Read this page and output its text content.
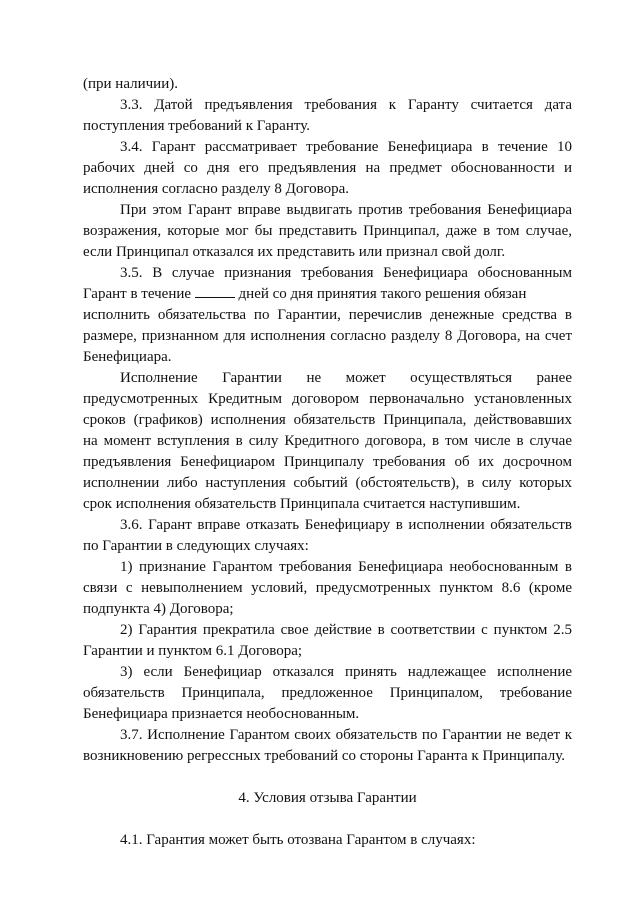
(при наличии).
3.3. Датой предъявления требования к Гаранту считается дата
поступления требований к Гаранту.
3.4. Гарант рассматривает требование Бенефициара в течение 10
рабочих дней со дня его предъявления на предмет обоснованности и
исполнения согласно разделу 8 Договора.
При этом Гарант вправе выдвигать против требования Бенефициара
возражения, которые мог бы представить Принципал, даже в том случае,
если Принципал отказался их представить или признал свой долг.
3.5. В случае признания требования Бенефициара обоснованным
Гарант в течение	дней со дня принятия такого решения обязан
исполнить обязательства по Гарантии, перечислив денежные средства в
размере, признанном для исполнения согласно разделу 8 Договора, на счет
Бенефициара.
Исполнение Гарантии не может осуществляться ранее
предусмотренных Кредитным договором первоначально установленных
сроков (графиков) исполнения обязательств Принципала, действовавших
на момент вступления в силу Кредитного договора, в том числе в случае
предъявления Бенефициаром Принципалу требования об их досрочном
исполнении либо наступления событий (обстоятельств), в силу которых
срок исполнения обязательств Принципала считается наступившим.
3.6. Гарант вправе отказать Бенефициару в исполнении обязательств
по Гарантии в следующих случаях:
1) признание Гарантом требования Бенефициара необоснованным в
связи с невыполнением условий, предусмотренных пунктом 8.6 (кроме
подпункта 4) Договора;
2) Гарантия прекратила свое действие в соответствии с пунктом 2.5
Гарантии и пунктом 6.1 Договора;
3) если Бенефициар отказался принять надлежащее исполнение
обязательств Принципала, предложенное Принципалом, требование
Бенефициара признается необоснованным.
3.7. Исполнение Гарантом своих обязательств по Гарантии не ведет к
возникновению регрессных требований со стороны Гаранта к Принципалу.
4. Условия отзыва Гарантии
4.1. Гарантия может быть отозвана Гарантом в случаях:
